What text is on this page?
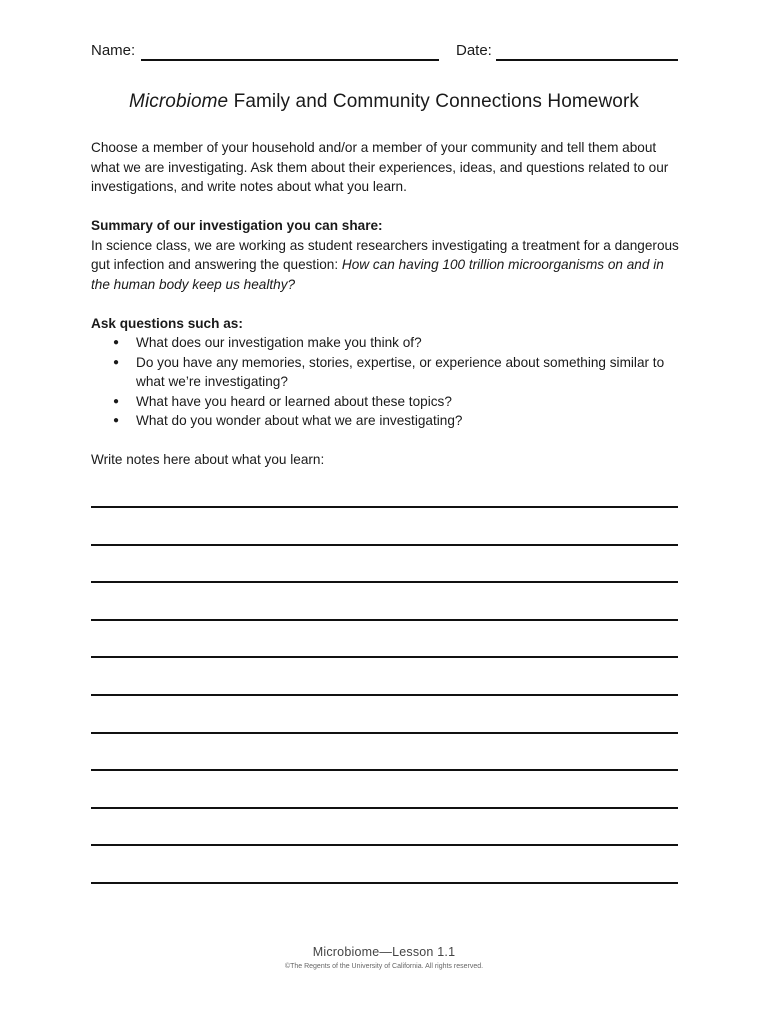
Name:	Date:
Microbiome Family and Community Connections Homework

Choose a member of your household and/or a member of your community and tell them about what we are investigating. Ask them about their experiences, ideas, and questions related to our investigations, and write notes about what you learn.

Summary of our investigation you can share:

In science class, we are working as student researchers investigating a treatment for a dangerous gut infection and answering the question: How can having 100 trillion microorganisms on and in the human body keep us healthy?

Ask questions such as:

● What does our investigation make you think of?
● Do you have any memories, stories, expertise, or experience about something similar to what we’re investigating?
● What have you heard or learned about these topics?
● What do you wonder about what we are investigating?

Write notes here about what you learn:

Microbiome—Lesson 1.1
©The Regents of the University of California. All rights reserved.
